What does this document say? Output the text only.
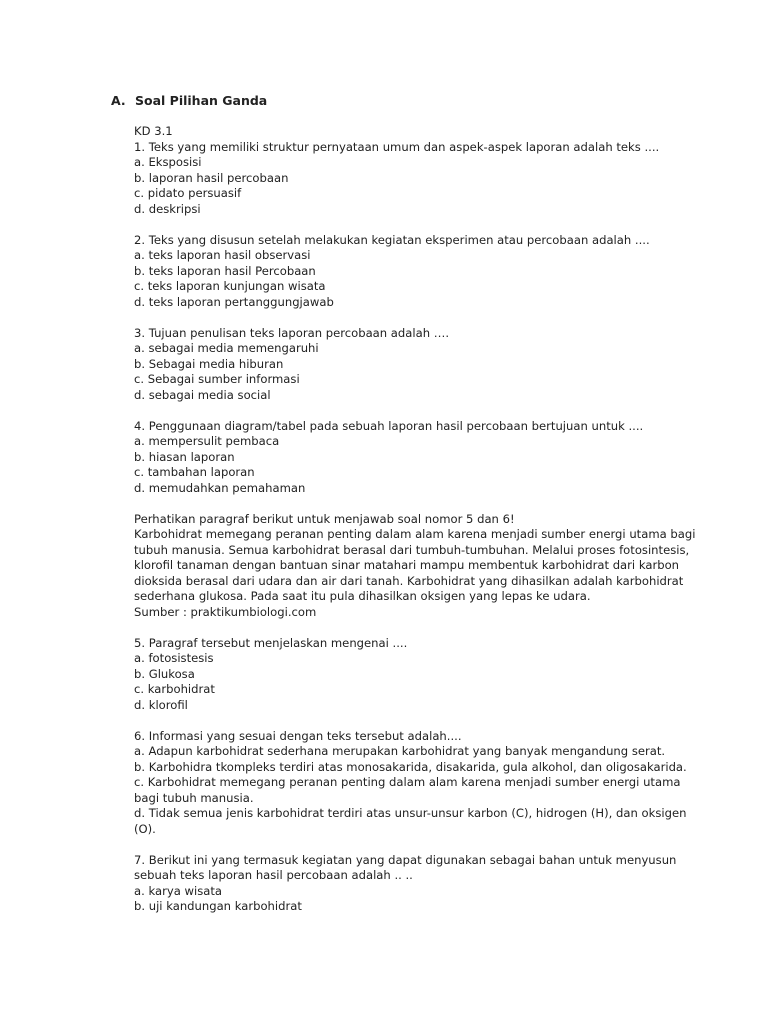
A. Soal Pilihan Ganda
KD 3.1
1. Teks yang memiliki struktur pernyataan umum dan aspek-aspek laporan adalah teks ....
a. Eksposisi
b. laporan hasil percobaan
c. pidato persuasif
d. deskripsi
2. Teks yang disusun setelah melakukan kegiatan eksperimen atau percobaan adalah ....
a. teks laporan hasil observasi
b. teks laporan hasil Percobaan
c. teks laporan kunjungan wisata
d. teks laporan pertanggungjawab
3. Tujuan penulisan teks laporan percobaan adalah ….
a. sebagai media memengaruhi
b. Sebagai media hiburan
c. Sebagai sumber informasi
d. sebagai media social
4. Penggunaan diagram/tabel pada sebuah laporan hasil percobaan bertujuan untuk ....
a. mempersulit pembaca
b. hiasan laporan
c. tambahan laporan
d. memudahkan pemahaman
Perhatikan paragraf berikut untuk menjawab soal nomor 5 dan 6!
Karbohidrat memegang peranan penting dalam alam karena menjadi sumber energi utama bagi
tubuh manusia. Semua karbohidrat berasal dari tumbuh-tumbuhan. Melalui proses fotosintesis,
klorofil tanaman dengan bantuan sinar matahari mampu membentuk karbohidrat dari karbon
dioksida berasal dari udara dan air dari tanah. Karbohidrat yang dihasilkan adalah karbohidrat
sederhana glukosa. Pada saat itu pula dihasilkan oksigen yang lepas ke udara.
Sumber : praktikumbiologi.com
5. Paragraf tersebut menjelaskan mengenai ....
a. fotosistesis
b. Glukosa
c. karbohidrat
d. klorofil
6. Informasi yang sesuai dengan teks tersebut adalah....
a. Adapun karbohidrat sederhana merupakan karbohidrat yang banyak mengandung serat.
b. Karbohidra tkompleks terdiri atas monosakarida, disakarida, gula alkohol, dan oligosakarida.
c. Karbohidrat memegang peranan penting dalam alam karena menjadi sumber energi utama
bagi tubuh manusia.
d. Tidak semua jenis karbohidrat terdiri atas unsur-unsur karbon (C), hidrogen (H), dan oksigen
(O).
7. Berikut ini yang termasuk kegiatan yang dapat digunakan sebagai bahan untuk menyusun
sebuah teks laporan hasil percobaan adalah .. ..
a. karya wisata
b. uji kandungan karbohidrat
